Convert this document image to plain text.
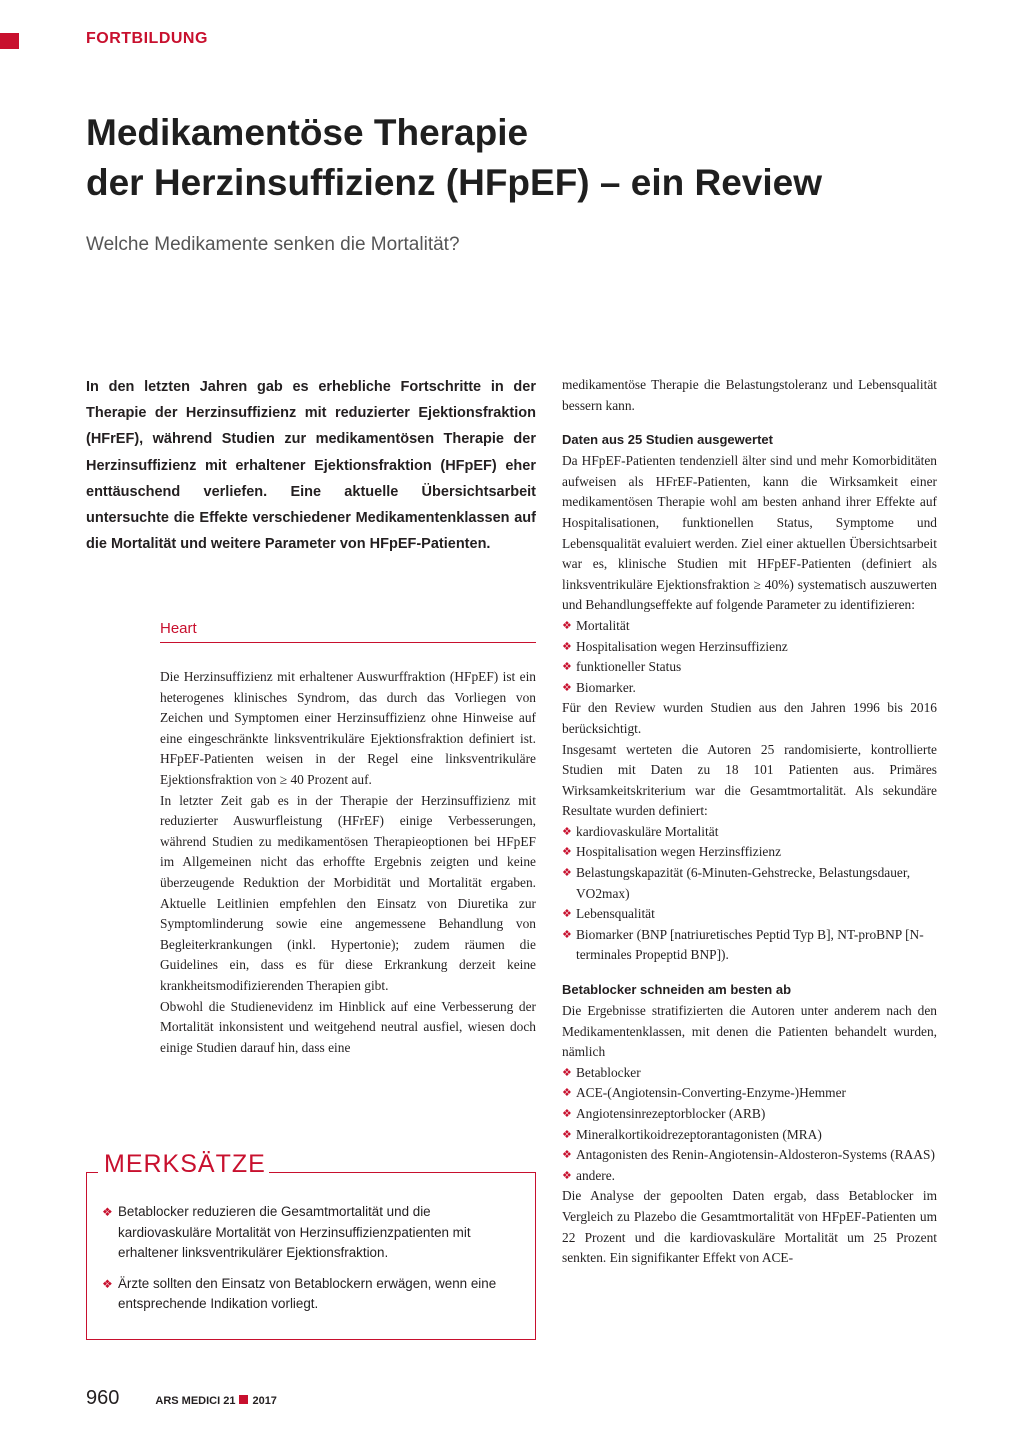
FORTBILDUNG
Medikamentöse Therapie
der Herzinsuffizienz (HFpEF) – ein Review
Welche Medikamente senken die Mortalität?
In den letzten Jahren gab es erhebliche Fortschritte in der Therapie der Herzinsuffizienz mit reduzierter Ejektionsfraktion (HFrEF), während Studien zur medikamentösen Therapie der Herzinsuffizienz mit erhaltener Ejektionsfraktion (HFpEF) eher enttäuschend verliefen. Eine aktuelle Übersichtsarbeit untersuchte die Effekte verschiedener Medikamentenklassen auf die Mortalität und weitere Parameter von HFpEF-Patienten.
Heart

Die Herzinsuffizienz mit erhaltener Auswurffraktion (HFpEF) ist ein heterogenes klinisches Syndrom, das durch das Vorliegen von Zeichen und Symptomen einer Herzinsuffizienz ohne Hinweise auf eine eingeschränkte linksventrikuläre Ejektionsfraktion definiert ist. HFpEF-Patienten weisen in der Regel eine linksventrikuläre Ejektionsfraktion von ≥ 40 Prozent auf.

In letzter Zeit gab es in der Therapie der Herzinsuffizienz mit reduzierter Auswurfleistung (HFrEF) einige Verbesserungen, während Studien zu medikamentösen Therapieoptionen bei HFpEF im Allgemeinen nicht das erhoffte Ergebnis zeigten und keine überzeugende Reduktion der Morbidität und Mortalität ergaben. Aktuelle Leitlinien empfehlen den Einsatz von Diuretika zur Symptomlinderung sowie eine angemessene Behandlung von Begleiterkrankungen (inkl. Hypertonie); zudem räumen die Guidelines ein, dass es für diese Erkrankung derzeit keine krankheitsmodifizierenden Therapien gibt.

Obwohl die Studienevidenz im Hinblick auf eine Verbesserung der Mortalität inkonsistent und weitgehend neutral ausfiel, wiesen doch einige Studien darauf hin, dass eine

MERKSÄTZE
❖ Betablocker reduzieren die Gesamtmortalität und die kardiovaskuläre Mortalität von Herzinsuffizienzpatienten mit erhaltener linksventrikulärer Ejektionsfraktion.
❖ Ärzte sollten den Einsatz von Betablockern erwägen, wenn eine entsprechende Indikation vorliegt.

medikamentöse Therapie die Belastungstoleranz und Lebensqualität bessern kann.

Daten aus 25 Studien ausgewertet

Da HFpEF-Patienten tendenziell älter sind und mehr Komorbiditäten aufweisen als HFrEF-Patienten, kann die Wirksamkeit einer medikamentösen Therapie wohl am besten anhand ihrer Effekte auf Hospitalisationen, funktionellen Status, Symptome und Lebensqualität evaluiert werden. Ziel einer aktuellen Übersichtsarbeit war es, klinische Studien mit HFpEF-Patienten (definiert als linksventrikuläre Ejektionsfraktion ≥ 40%) systematisch auszuwerten und Behandlungseffekte auf folgende Parameter zu identifizieren:

❖ Mortalität
❖ Hospitalisation wegen Herzinsuffizienz
❖ funktioneller Status
❖ Biomarker.

Für den Review wurden Studien aus den Jahren 1996 bis 2016 berücksichtigt.

Insgesamt werteten die Autoren 25 randomisierte, kontrollierte Studien mit Daten zu 18 101 Patienten aus. Primäres Wirksamkeitskriterium war die Gesamtmortalität. Als sekundäre Resultate wurden definiert:

❖ kardiovaskuläre Mortalität
❖ Hospitalisation wegen Herzinsffizienz
❖ Belastungskapazität (6-Minuten-Gehstrecke, Belastungsdauer, VO2max)
❖ Lebensqualität
❖ Biomarker (BNP [natriuretisches Peptid Typ B], NT-proBNP [N-terminales Propeptid BNP]).
Betablocker schneiden am besten ab

Die Ergebnisse stratifizierten die Autoren unter anderem nach den Medikamentenklassen, mit denen die Patienten behandelt wurden, nämlich

❖ Betablocker
❖ ACE-(Angiotensin-Converting-Enzyme-)Hemmer
❖ Angiotensinrezeptorblocker (ARB)
❖ Mineralkortikoidrezeptorantagonisten (MRA)
❖ Antagonisten des Renin-Angiotensin-Aldosteron-Systems (RAAS)
❖ andere.

Die Analyse der gepoolten Daten ergab, dass Betablocker im Vergleich zu Plazebo die Gesamtmortalität von HFpEF-Patienten um 22 Prozent und die kardiovaskuläre Mortalität um 25 Prozent senkten. Ein signifikanter Effekt von ACE-

960	ARS MEDICI 21 2017
